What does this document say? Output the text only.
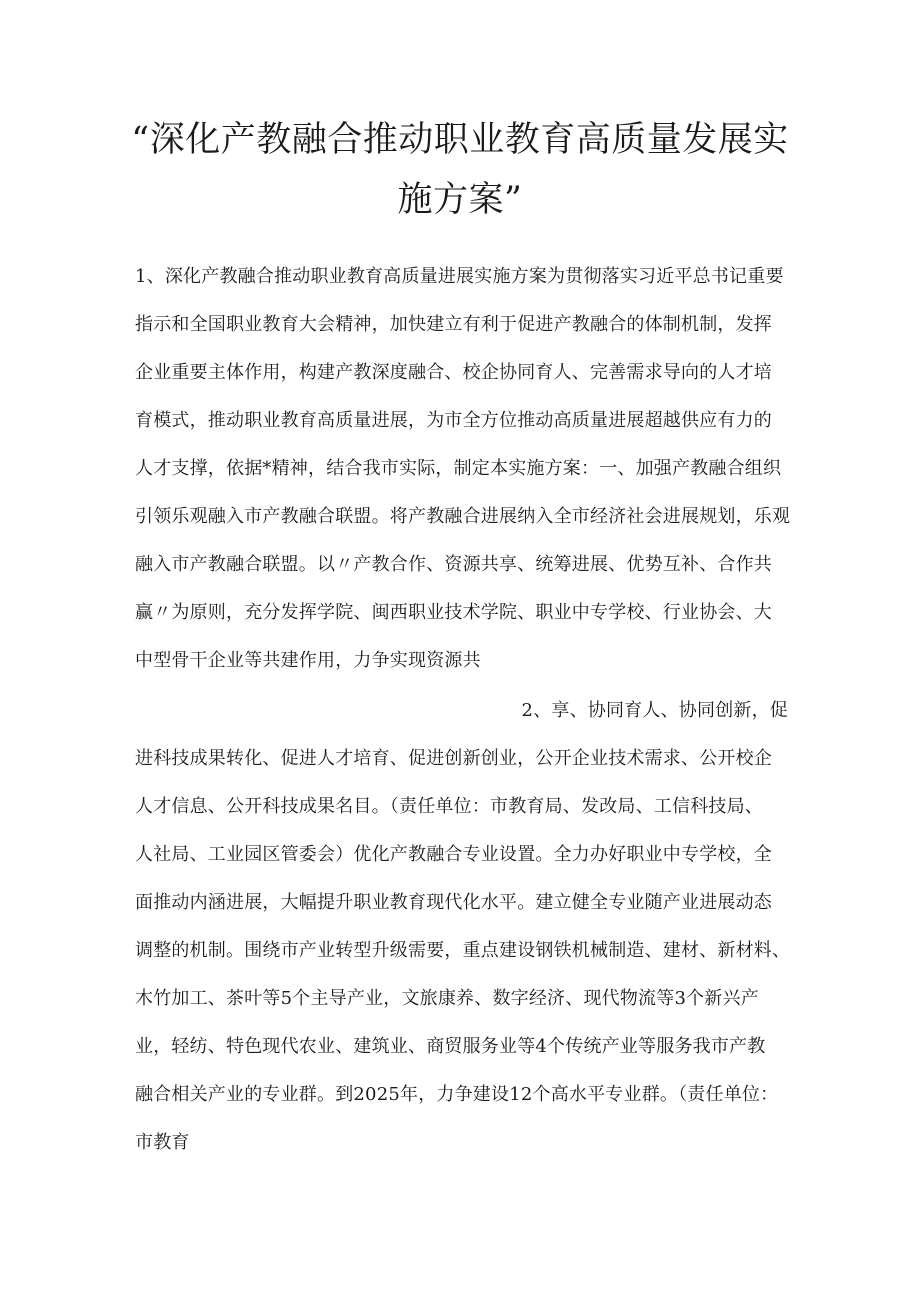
“深化产教融合推动职业教育高质量发展实
施方案”
1、深化产教融合推动职业教育高质量进展实施方案为贯彻落实习近平总书记重要
指示和全国职业教育大会精神，加快建立有利于促进产教融合的体制机制，发挥
企业重要主体作用，构建产教深度融合、校企协同育人、完善需求导向的人才培
育模式，推动职业教育高质量进展，为市全方位推动高质量进展超越供应有力的
人才支撑，依据*精神，结合我市实际，制定本实施方案：一、加强产教融合组织
引领乐观融入市产教融合联盟。将产教融合进展纳入全市经济社会进展规划，乐观
融入市产教融合联盟。以〃产教合作、资源共享、统筹进展、优势互补、合作共
赢〃为原则，充分发挥学院、闽西职业技术学院、职业中专学校、行业协会、大
中型骨干企业等共建作用，力争实现资源共
2、享、协同育人、协同创新，促
进科技成果转化、促进人才培育、促进创新创业，公开企业技术需求、公开校企
人才信息、公开科技成果名目。（责任单位：市教育局、发改局、工信科技局、
人社局、工业园区管委会）优化产教融合专业设置。全力办好职业中专学校，全
面推动内涵进展，大幅提升职业教育现代化水平。建立健全专业随产业进展动态
调整的机制。围绕市产业转型升级需要，重点建设钢铁机械制造、建材、新材料、
木竹加工、茶叶等5个主导产业，文旅康养、数字经济、现代物流等3个新兴产
业，轻纺、特色现代农业、建筑业、商贸服务业等4个传统产业等服务我市产教
融合相关产业的专业群。到2025年，力争建设12个高水平专业群。（责任单位：
市教育
